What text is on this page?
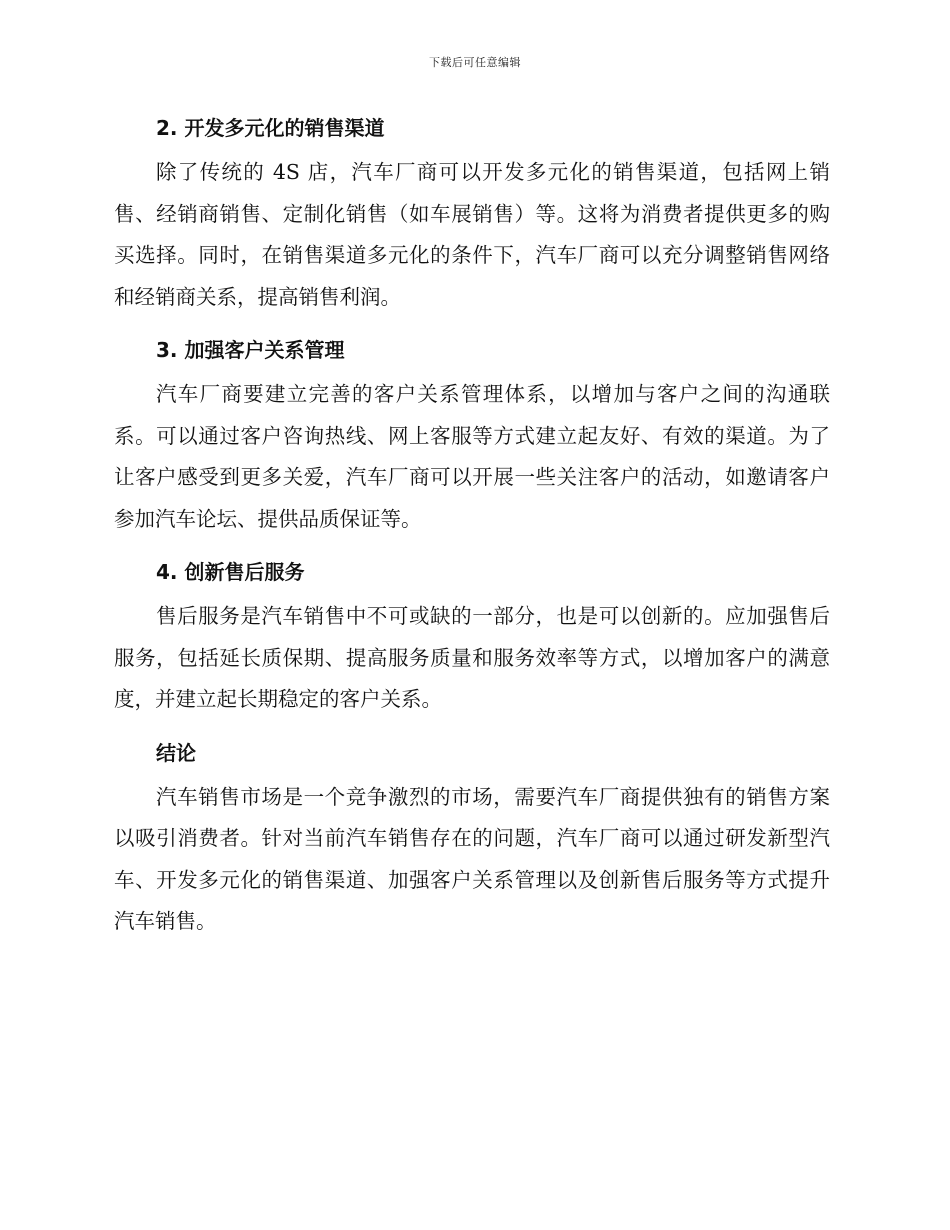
下载后可任意编辑
2. 开发多元化的销售渠道

除了传统的 4S 店，汽车厂商可以开发多元化的销售渠道，包括网上销售、经销商销售、定制化销售（如车展销售）等。这将为消费者提供更多的购买选择。同时，在销售渠道多元化的条件下，汽车厂商可以充分调整销售网络和经销商关系，提高销售利润。

3. 加强客户关系管理

汽车厂商要建立完善的客户关系管理体系，以增加与客户之间的沟通联系。可以通过客户咨询热线、网上客服等方式建立起友好、有效的渠道。为了让客户感受到更多关爱，汽车厂商可以开展一些关注客户的活动，如邀请客户参加汽车论坛、提供品质保证等。

4. 创新售后服务

售后服务是汽车销售中不可或缺的一部分，也是可以创新的。应加强售后服务，包括延长质保期、提高服务质量和服务效率等方式，以增加客户的满意度，并建立起长期稳定的客户关系。

结论

汽车销售市场是一个竞争激烈的市场，需要汽车厂商提供独有的销售方案以吸引消费者。针对当前汽车销售存在的问题，汽车厂商可以通过研发新型汽车、开发多元化的销售渠道、加强客户关系管理以及创新售后服务等方式提升汽车销售。
